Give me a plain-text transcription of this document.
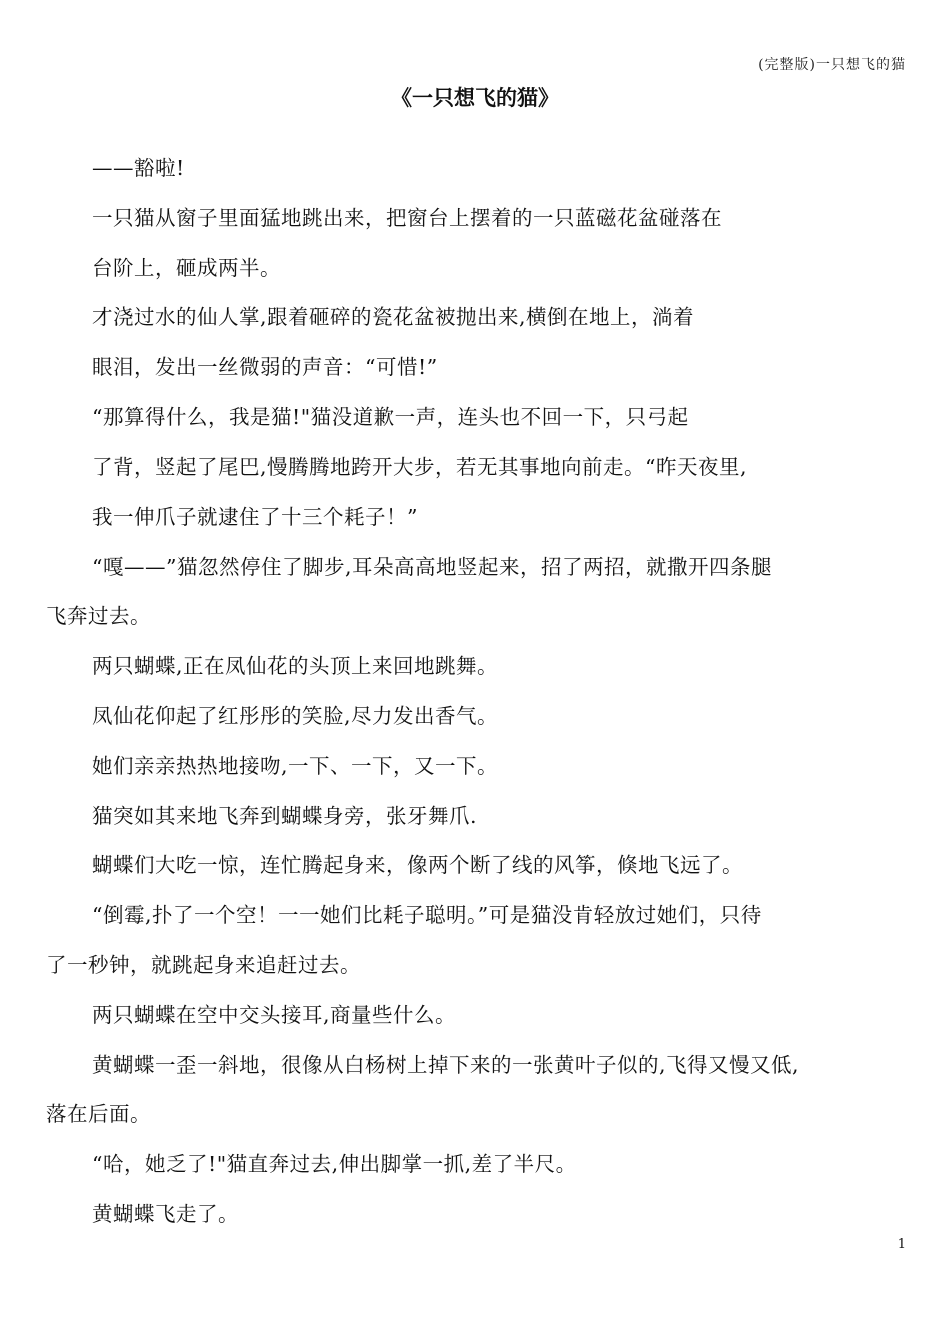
(完整版)一只想飞的猫
《一只想飞的猫》
——豁啦!
一只猫从窗子里面猛地跳出来，把窗台上摆着的一只蓝磁花盆碰落在
台阶上，砸成两半。
才浇过水的仙人掌,跟着砸碎的瓷花盆被抛出来,横倒在地上，淌着
眼泪，发出一丝微弱的声音：“可惜!”
“那算得什么，我是猫!"猫没道歉一声，连头也不回一下，只弓起
了背，竖起了尾巴,慢腾腾地跨开大步，若无其事地向前走。“昨天夜里,
我一伸爪子就逮住了十三个耗子！”
“嘎——”猫忽然停住了脚步,耳朵高高地竖起来，招了两招，就撒开四条腿
飞奔过去。
两只蝴蝶,正在凤仙花的头顶上来回地跳舞。
凤仙花仰起了红彤彤的笑脸,尽力发出香气。
她们亲亲热热地接吻,一下、一下，又一下。
猫突如其来地飞奔到蝴蝶身旁，张牙舞爪.
蝴蝶们大吃一惊，连忙腾起身来，像两个断了线的风筝，倏地飞远了。
“倒霉,扑了一个空！一一她们比耗子聪明。”可是猫没肯轻放过她们，只待
了一秒钟，就跳起身来追赶过去。
两只蝴蝶在空中交头接耳,商量些什么。
黄蝴蝶一歪一斜地，很像从白杨树上掉下来的一张黄叶子似的,飞得又慢又低,
落在后面。
“哈，她乏了!"猫直奔过去,伸出脚掌一抓,差了半尺。
黄蝴蝶飞走了。
1
